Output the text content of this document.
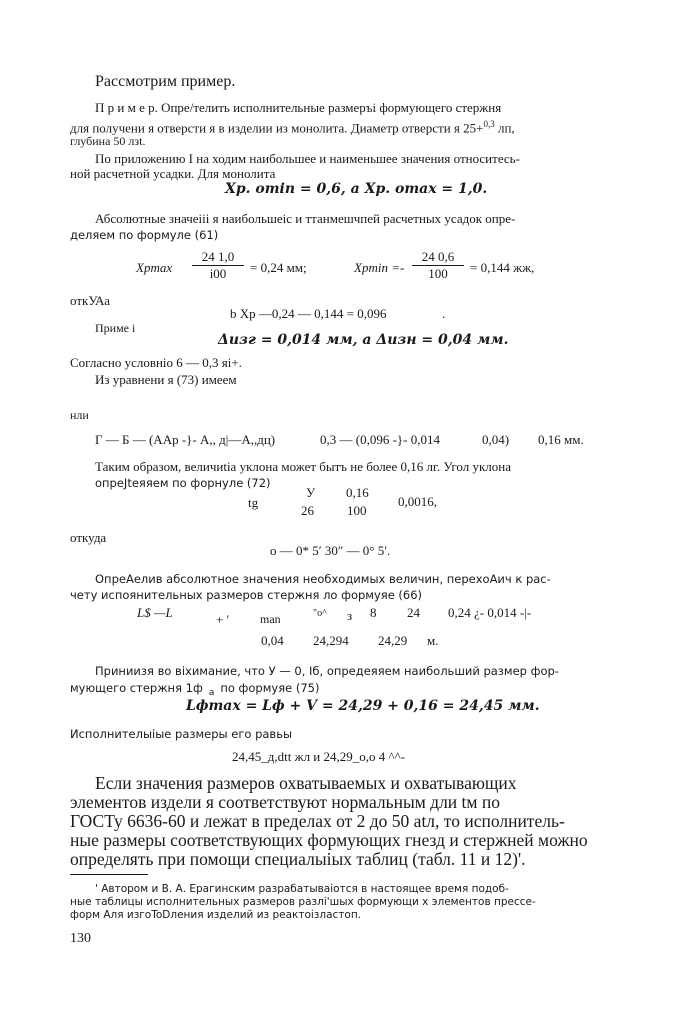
Рассмотрим пример.
П р и м е р. Опре/телить исполнительные размеръі формующего стержня
для получени я отверсти я в изделии из монолита. Диаметр отверсти я 25+$^{0,3}$ лп,
глубина 50 лзt.
По приложению I на ходим наибольшее и наименьшее значения относитесь-
ной расчетной усадки. Для монолита
Xp. omin = 0,6, а Xp. omax = 1,0.
Абсолютные значеііі я наибольшеіс и ттанмешчпей расчетных усадок опре-
деляем по формуле (61)
Xpmax
24 1,0
і00	= 0,24 мм;	$Xpmin =- \frac{24 0,6}{100} = 0,144$ жж,
откУАа
b Xр —0,24 — 0,144 = 0,096	.
Приме і
Δизг = 0,014 мм, а Δизн = 0,04 мм.
Согласно условніо 6 — 0,3 яі+.
Из уравнени я (73) имеем
нли
Г — Б — (ААр -}- А,, д|—А,,дц)	0,3 — (0,096 -}- 0,014	0,04) 0,16 мм.
Таким образом, величиtіа уклона может бытъ не более 0,16 лг. Угол уклона
опреJtеяяем по форнуле (72)
tg
У
26
0,16
100
0,0016,
откуда
о — 0* 5′ 30″ — 0° 5′.
ОпреАелив абсолютное значения необходимых величин, перехоАич к рас-
чету испоянительных размеров стержня ло формуяе (66)
L$ —L	+ '	man	"о^ з 8 24 0,24 ¿- 0,014 -|-
0,04 24,294 24,29 м.
Приниизя во віхимание, что У — 0, Iб, опредеяяем наибольший размер фор-
мующего стержня 1ф $_а$ по формуяе (75)
Lфmax = Lф + V = 24,29 + 0,16 = 24,45 мм.
Исполнителыіые размеры его равьы
24,45_д,dtt жл и 24,29_о,о 4 ^^-
Если значения размеров охватываемых и охватывающих
элементов издели я соответствуют нормальным дли tм по
ГОСТу 6636-60 и лежат в пределах от 2 до 50 atл, то исполнитель-
ные размеры соответствующих формующих гнезд и стержней можно
определять при помощи специалыіых таблиц (табл. 11 и 12)'.
' Автором и В. А. Ерагинским разрабатываіотся в настоящее время подоб-
ные таблицы исполнительных размеров разлі'шых формующи х элементов прессе-
форм Аля изгоToDления изделий из реактоізластоп.
130
